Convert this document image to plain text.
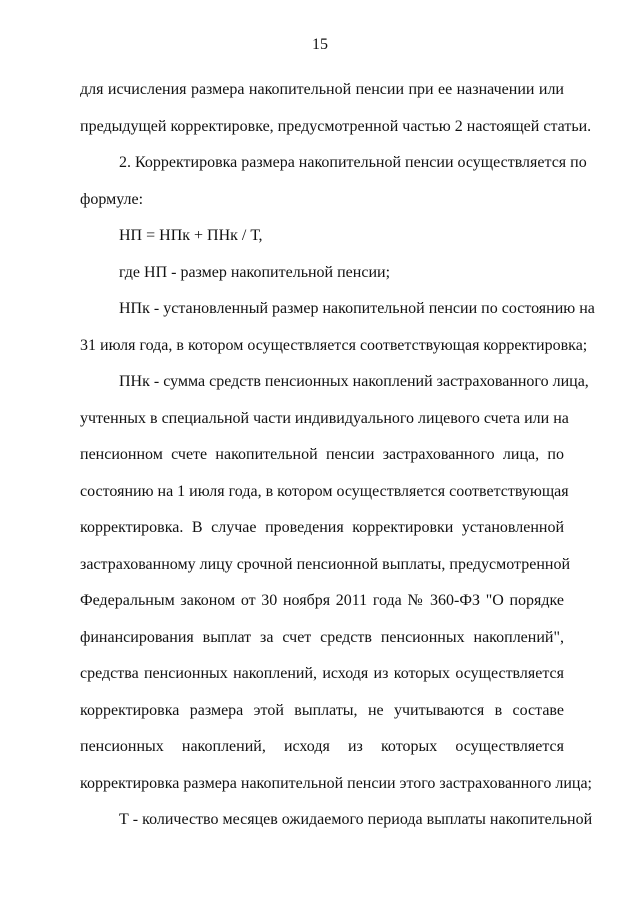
15
для исчисления размера накопительной пенсии при ее назначении или
предыдущей корректировке, предусмотренной частью 2 настоящей статьи.
2. Корректировка размера накопительной пенсии осуществляется по
формуле:
НП = НПк + ПНк / Т,
где НП - размер накопительной пенсии;
НПк - установленный размер накопительной пенсии по состоянию на
31 июля года, в котором осуществляется соответствующая корректировка;
ПНк - сумма средств пенсионных накоплений застрахованного лица,
учтенных в специальной части индивидуального лицевого счета или на
пенсионном счете накопительной пенсии застрахованного лица, по
состоянию на 1 июля года, в котором осуществляется соответствующая
корректировка. В случае проведения корректировки установленной
застрахованному лицу срочной пенсионной выплаты, предусмотренной
Федеральным законом от 30 ноября 2011 года № 360-ФЗ "О порядке
финансирования выплат за счет средств пенсионных накоплений",
средства пенсионных накоплений, исходя из которых осуществляется
корректировка размера этой выплаты, не учитываются в составе
пенсионных накоплений, исходя из которых осуществляется
корректировка размера накопительной пенсии этого застрахованного лица;
Т - количество месяцев ожидаемого периода выплаты накопительной
